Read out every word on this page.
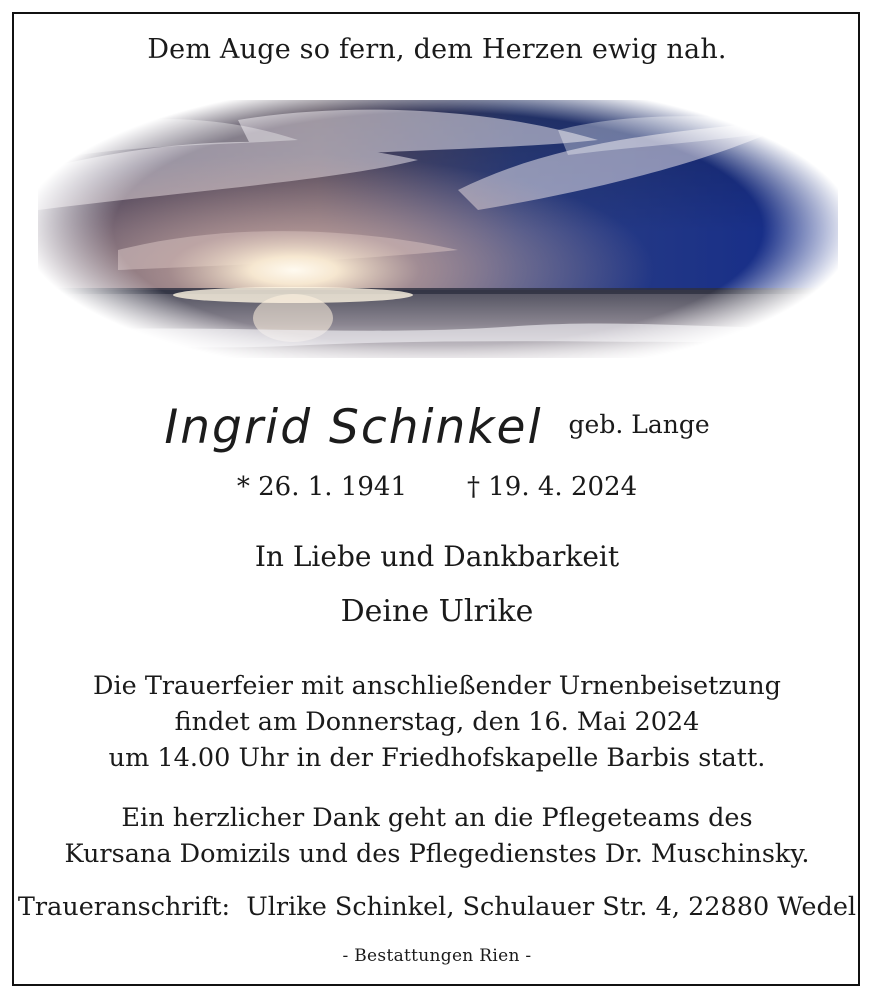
Dem Auge so fern, dem Herzen ewig nah.
Ingrid Schinkel geb. Lange
* 26. 1. 1941 † 19. 4. 2024
In Liebe und Dankbarkeit
Deine Ulrike
Die Trauerfeier mit anschließender Urnenbeisetzung
findet am Donnerstag, den 16. Mai 2024
um 14.00 Uhr in der Friedhofskapelle Barbis statt.
Ein herzlicher Dank geht an die Pflegeteams des
Kursana Domizils und des Pflegedienstes Dr. Muschinsky.
Traueranschrift:  Ulrike Schinkel, Schulauer Str. 4, 22880 Wedel
- Bestattungen Rien -
